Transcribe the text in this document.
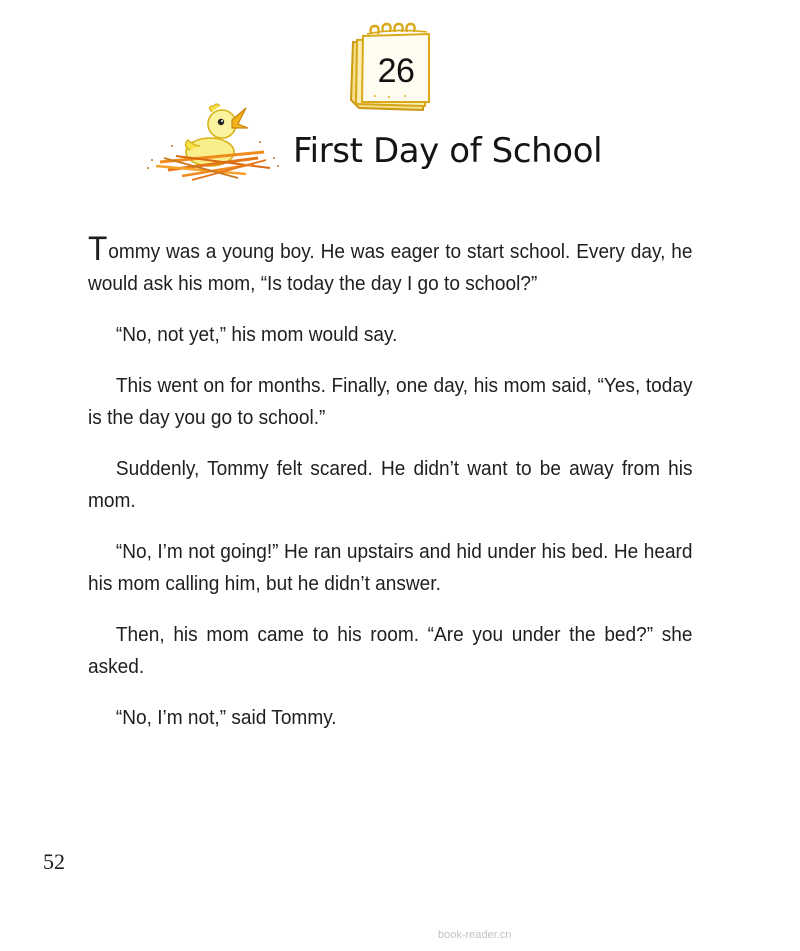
26
First Day of School

Tommy was a young boy. He was eager to start school. Every day, he would ask his mom, “Is today the day I go to school?”

“No, not yet,” his mom would say.

This went on for months. Finally, one day, his mom said, “Yes, today is the day you go to school.”

Suddenly, Tommy felt scared. He didn’t want to be away from his mom.

“No, I’m not going!” He ran upstairs and hid under his bed. He heard his mom calling him, but he didn’t answer.

Then, his mom came to his room. “Are you under the bed?” she asked.

“No, I’m not,” said Tommy.

52
book-reader.cn
